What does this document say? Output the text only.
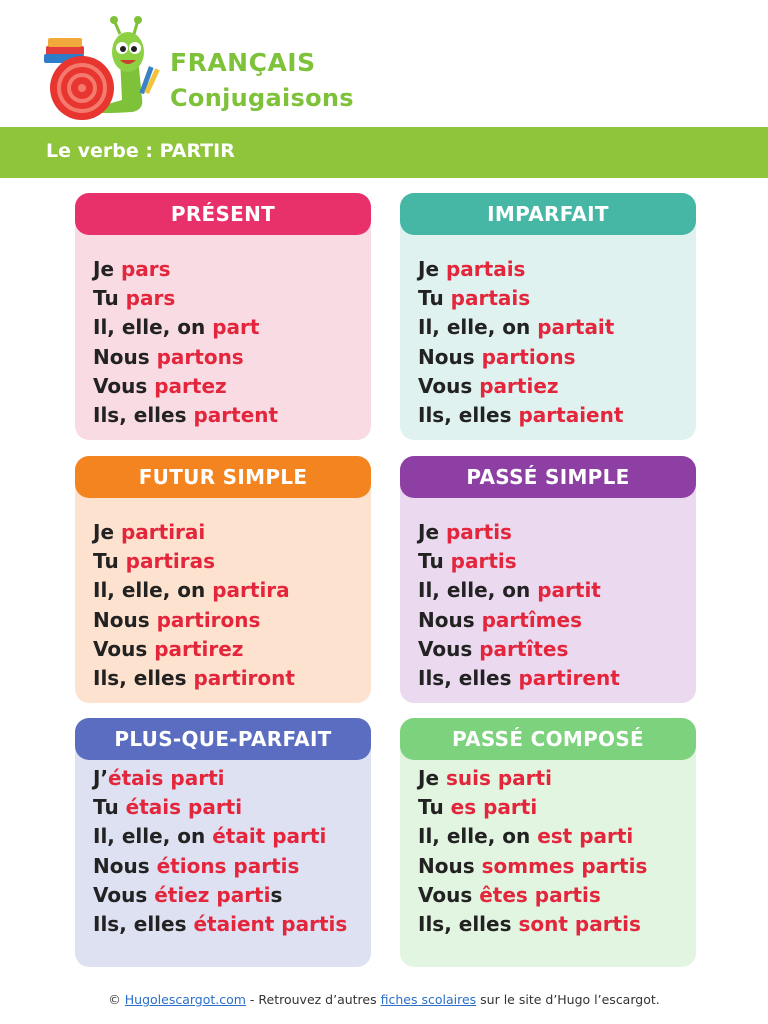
FRANÇAIS
Conjugaisons
Le verbe : PARTIR
PRÉSENT
Je pars
Tu pars
Il, elle, on part
Nous partons
Vous partez
Ils, elles partent
IMPARFAIT
Je partais
Tu partais
Il, elle, on partait
Nous partions
Vous partiez
Ils, elles partaient
FUTUR SIMPLE
Je partirai
Tu partiras
Il, elle, on partira
Nous partirons
Vous partirez
Ils, elles partiront
PASSÉ SIMPLE
Je partis
Tu partis
Il, elle, on partit
Nous partîmes
Vous partîtes
Ils, elles partirent
PLUS-QUE-PARFAIT
J’étais parti
Tu étais parti
Il, elle, on était parti
Nous étions partis
Vous étiez partis
Ils, elles étaient partis
PASSÉ COMPOSÉ
Je suis parti
Tu es parti
Il, elle, on est parti
Nous sommes partis
Vous êtes partis
Ils, elles sont partis
© Hugolescargot.com - Retrouvez d’autres fiches scolaires sur le site d’Hugo l’escargot.
